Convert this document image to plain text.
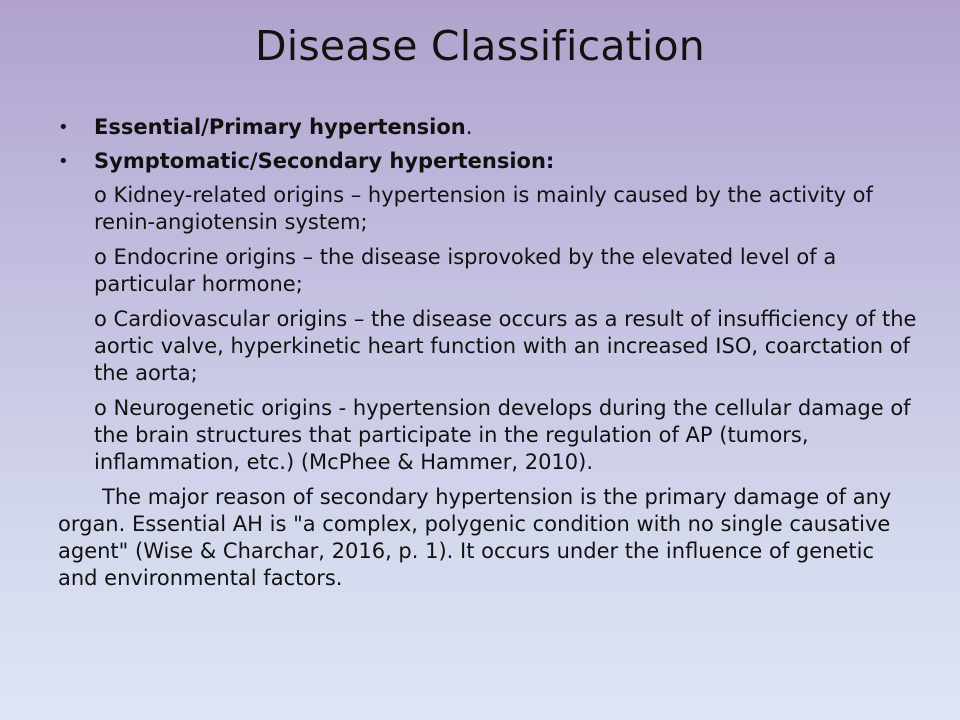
Disease Classification
• Essential/Primary hypertension.
• Symptomatic/Secondary hypertension:
o Kidney-related origins – hypertension is mainly caused by the activity of renin-angiotensin system;
o Endocrine origins – the disease isprovoked by the elevated level of a particular hormone;
o Cardiovascular origins – the disease occurs as a result of insufficiency of the aortic valve, hyperkinetic heart function with an increased ISO, coarctation of the aorta;
o Neurogenetic origins - hypertension develops during the cellular damage of the brain structures that participate in the regulation of AP (tumors, inflammation, etc.) (McPhee & Hammer, 2010).
The major reason of secondary hypertension is the primary damage of any organ. Essential AH is "a complex, polygenic condition with no single causative agent" (Wise & Charchar, 2016, p. 1). It occurs under the influence of genetic and environmental factors.
